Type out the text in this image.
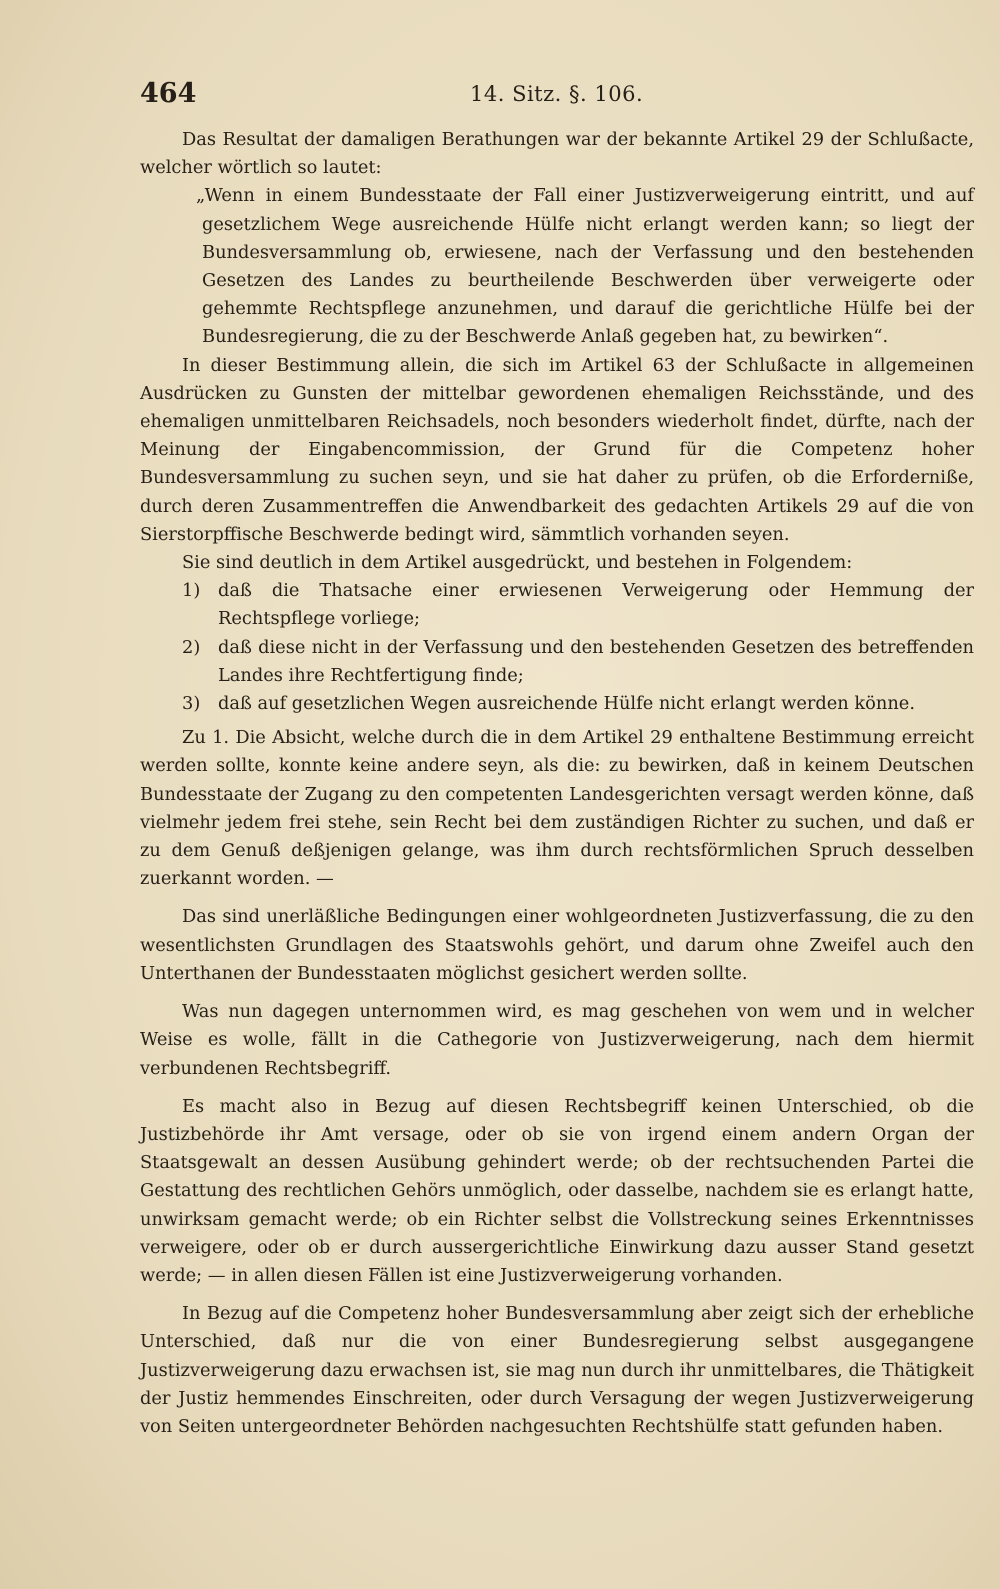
464	14. Sitz. §. 106.

Das Resultat der damaligen Berathungen war der bekannte Artikel 29 der Schlußacte, welcher wörtlich so lautet:

„Wenn in einem Bundesstaate der Fall einer Justizverweigerung eintritt, und auf gesetzlichem Wege ausreichende Hülfe nicht erlangt werden kann; so liegt der Bundesversammlung ob, erwiesene, nach der Verfassung und den bestehenden Gesetzen des Landes zu beurtheilende Beschwerden über verweigerte oder gehemmte Rechtspflege anzunehmen, und darauf die gerichtliche Hülfe bei der Bundesregierung, die zu der Beschwerde Anlaß gegeben hat, zu bewirken“.

In dieser Bestimmung allein, die sich im Artikel 63 der Schlußacte in allgemeinen Ausdrücken zu Gunsten der mittelbar gewordenen ehemaligen Reichsstände, und des ehemaligen unmittelbaren Reichsadels, noch besonders wiederholt findet, dürfte, nach der Meinung der Eingabencommission, der Grund für die Competenz hoher Bundesversammlung zu suchen seyn, und sie hat daher zu prüfen, ob die Erforderniße, durch deren Zusammentreffen die Anwendbarkeit des gedachten Artikels 29 auf die von Sierstorpffische Beschwerde bedingt wird, sämmtlich vorhanden seyen.

Sie sind deutlich in dem Artikel ausgedrückt, und bestehen in Folgendem:

1) daß die Thatsache einer erwiesenen Verweigerung oder Hemmung der Rechtspflege vorliege;
2) daß diese nicht in der Verfassung und den bestehenden Gesetzen des betreffenden Landes ihre Rechtfertigung finde;
3) daß auf gesetzlichen Wegen ausreichende Hülfe nicht erlangt werden könne.

Zu 1. Die Absicht, welche durch die in dem Artikel 29 enthaltene Bestimmung erreicht werden sollte, konnte keine andere seyn, als die: zu bewirken, daß in keinem Deutschen Bundesstaate der Zugang zu den competenten Landesgerichten versagt werden könne, daß vielmehr jedem frei stehe, sein Recht bei dem zuständigen Richter zu suchen, und daß er zu dem Genuß deßjenigen gelange, was ihm durch rechtsförmlichen Spruch desselben zuerkannt worden. —

Das sind unerläßliche Bedingungen einer wohlgeordneten Justizverfassung, die zu den wesentlichsten Grundlagen des Staatswohls gehört, und darum ohne Zweifel auch den Unterthanen der Bundesstaaten möglichst gesichert werden sollte.

Was nun dagegen unternommen wird, es mag geschehen von wem und in welcher Weise es wolle, fällt in die Cathegorie von Justizverweigerung, nach dem hiermit verbundenen Rechtsbegriff.

Es macht also in Bezug auf diesen Rechtsbegriff keinen Unterschied, ob die Justizbehörde ihr Amt versage, oder ob sie von irgend einem andern Organ der Staatsgewalt an dessen Ausübung gehindert werde; ob der rechtsuchenden Partei die Gestattung des rechtlichen Gehörs unmöglich, oder dasselbe, nachdem sie es erlangt hatte, unwirksam gemacht werde; ob ein Richter selbst die Vollstreckung seines Erkenntnisses verweigere, oder ob er durch aussergerichtliche Einwirkung dazu ausser Stand gesetzt werde; — in allen diesen Fällen ist eine Justizverweigerung vorhanden.

In Bezug auf die Competenz hoher Bundesversammlung aber zeigt sich der erhebliche Unterschied, daß nur die von einer Bundesregierung selbst ausgegangene Justizverweigerung dazu erwachsen ist, sie mag nun durch ihr unmittelbares, die Thätigkeit der Justiz hemmendes Einschreiten, oder durch Versagung der wegen Justizverweigerung von Seiten untergeordneter Behörden nachgesuchten Rechtshülfe statt gefunden haben.
